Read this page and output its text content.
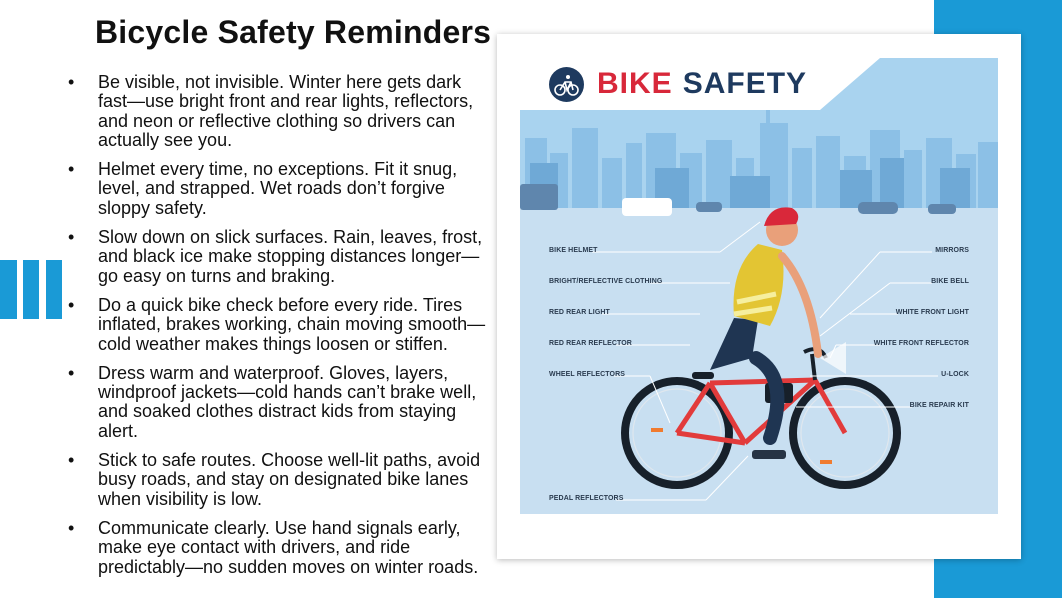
Bicycle Safety Reminders
• Be visible, not invisible. Winter here gets dark fast—use bright front and rear lights, reflectors, and neon or reflective clothing so drivers can actually see you.
• Helmet every time, no exceptions. Fit it snug, level, and strapped. Wet roads don’t forgive sloppy safety.
• Slow down on slick surfaces. Rain, leaves, frost, and black ice make stopping distances longer—go easy on turns and braking.
• Do a quick bike check before every ride. Tires inflated, brakes working, chain moving smooth—cold weather makes things loosen or stiffen.
• Dress warm and waterproof. Gloves, layers, windproof jackets—cold hands can’t brake well, and soaked clothes distract kids from staying alert.
• Stick to safe routes. Choose well-lit paths, avoid busy roads, and stay on designated bike lanes when visibility is low.
• Communicate clearly. Use hand signals early, make eye contact with drivers, and ride predictably—no sudden moves on winter roads.
BIKE SAFETY
BIKE HELMET
BRIGHT/REFLECTIVE CLOTHING
RED REAR LIGHT
RED REAR REFLECTOR
WHEEL REFLECTORS
PEDAL REFLECTORS
MIRRORS
BIKE BELL
WHITE FRONT LIGHT
WHITE FRONT REFLECTOR
U-LOCK
BIKE REPAIR KIT
